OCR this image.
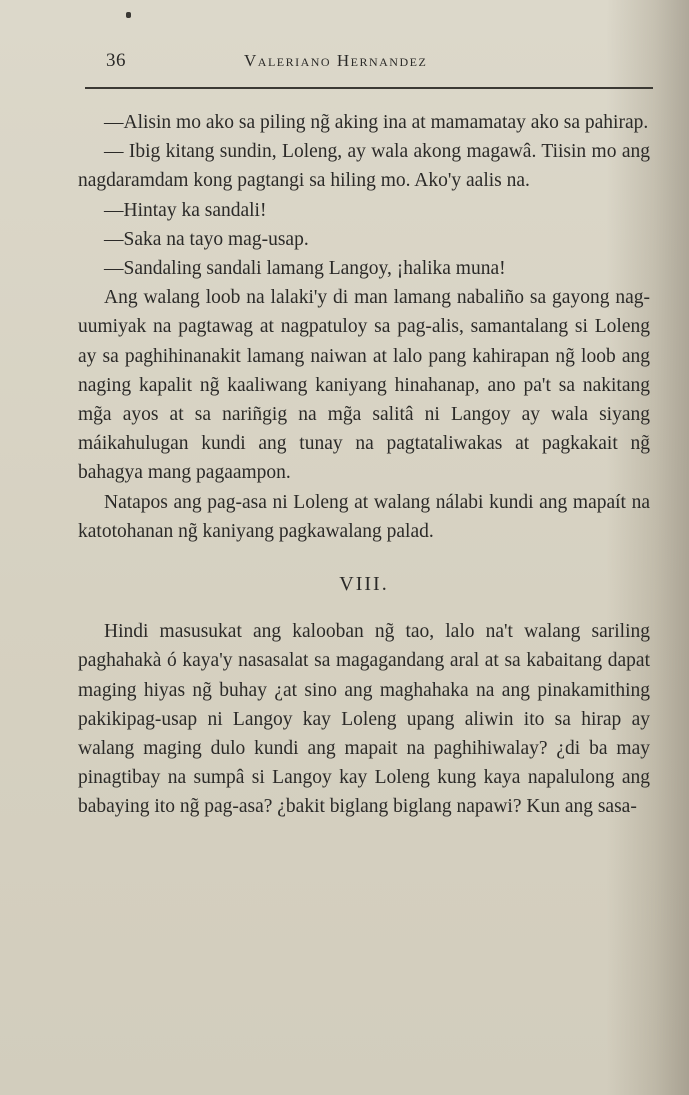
36	Valeriano Hernandez

—Alisin mo ako sa piling ng̃ aking ina at mamamatay ako sa pahirap.

— Ibig kitang sundin, Loleng, ay wala akong magawâ. Tiisin mo ang nagdaramdam kong pagtangi sa hiling mo. Ako'y aalis na.

—Hintay ka sandali!

—Saka na tayo mag-usap.

—Sandaling sandali lamang Langoy, ¡halika muna!

Ang walang loob na lalaki'y di man lamang nabaliño sa gayong nag-uumiyak na pagtawag at nagpatuloy sa pag-alis, samantalang si Loleng ay sa paghihinanakit lamang naiwan at lalo pang kahirapan ng̃ loob ang naging kapalit ng̃ kaaliwang kaniyang hinahanap, ano pa't sa nakitang mg̃a ayos at sa nariñgig na mg̃a salitâ ni Langoy ay wala siyang máikahulugan kundi ang tunay na pagtataliwakas at pagkakait ng̃ bahagya mang pagaampon.

Natapos ang pag-asa ni Loleng at walang nálabi kundi ang mapaít na katotohanan ng̃ kaniyang pagkawalang palad.

VIII.

Hindi masusukat ang kalooban ng̃ tao, lalo na't walang sariling paghahakà ó kaya'y nasasalat sa magagandang aral at sa kabaitang dapat maging hiyas ng̃ buhay ¿at sino ang maghahaka na ang pinakamithing pakikipag-usap ni Langoy kay Loleng upang aliwin ito sa hirap ay walang maging dulo kundi ang mapait na paghihiwalay? ¿di ba may pinagtibay na sumpâ si Langoy kay Loleng kung kaya napalulong ang babaying ito ng̃ pag-asa? ¿bakit biglang biglang napawi? Kun ang sasa-
